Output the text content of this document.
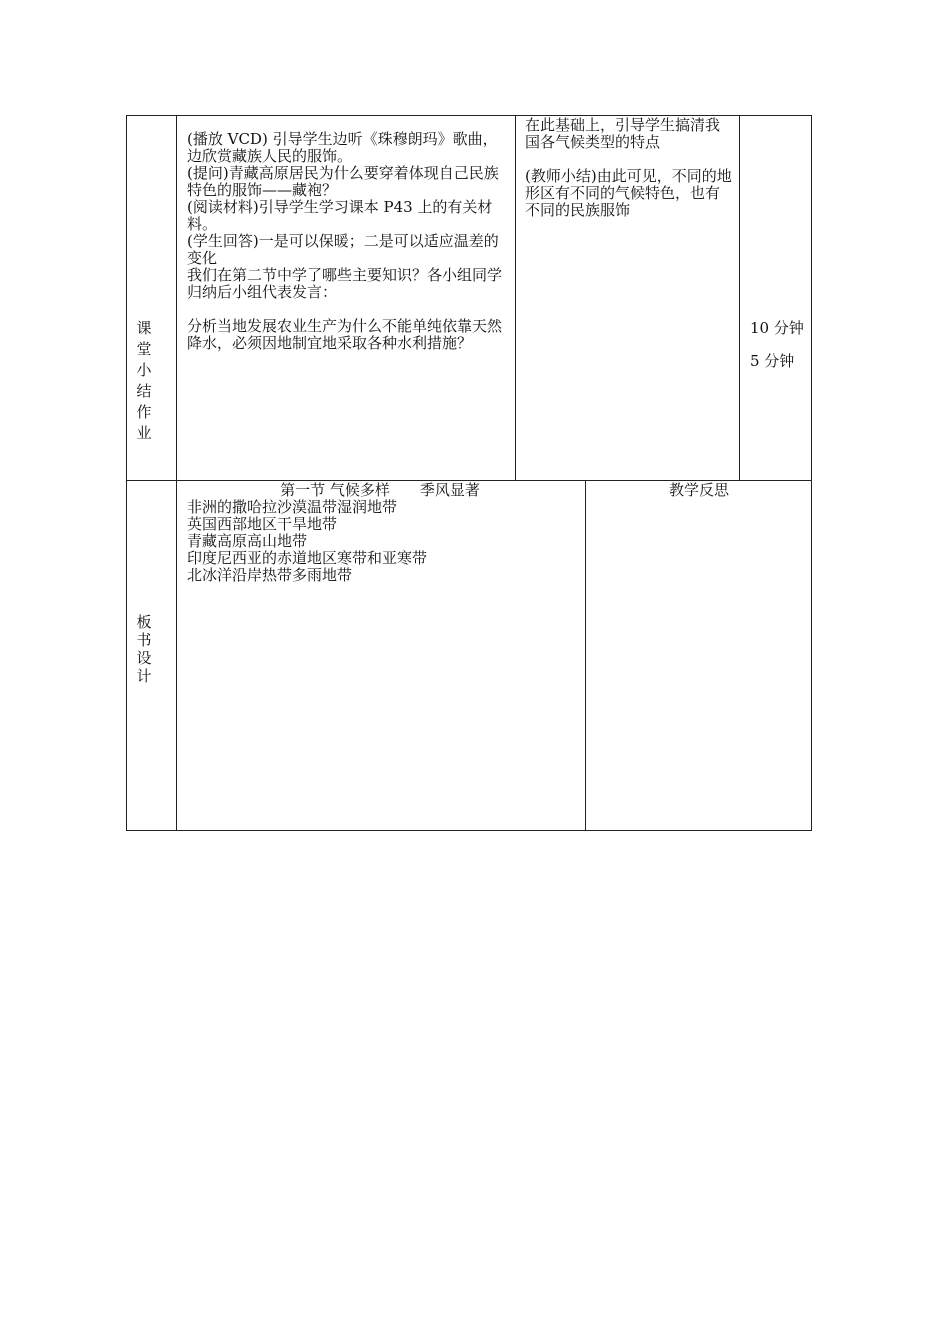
课
堂
小
结
作
业
(播放 VCD) 引导学生边听《珠穆朗玛》歌曲，边欣赏藏族人民的服饰。
(提问)青藏高原居民为什么要穿着体现自己民族特色的服饰——藏袍？
(阅读材料)引导学生学习课本 P43 上的有关材料。
(学生回答)一是可以保暖；二是可以适应温差的变化
我们在第二节中学了哪些主要知识？各小组同学归纳后小组代表发言：
分析当地发展农业生产为什么不能单纯依靠天然降水，必须因地制宜地采取各种水利措施？
在此基础上，引导学生搞清我国各气候类型的特点
(教师小结)由此可见，不同的地形区有不同的气候特色，也有不同的民族服饰
10 分钟
5 分钟
板
书
设
计
第一节 气候多样　　季风显著
非洲的撒哈拉沙漠温带湿润地带
英国西部地区干旱地带
青藏高原高山地带
印度尼西亚的赤道地区寒带和亚寒带
北冰洋沿岸热带多雨地带
教学反思
